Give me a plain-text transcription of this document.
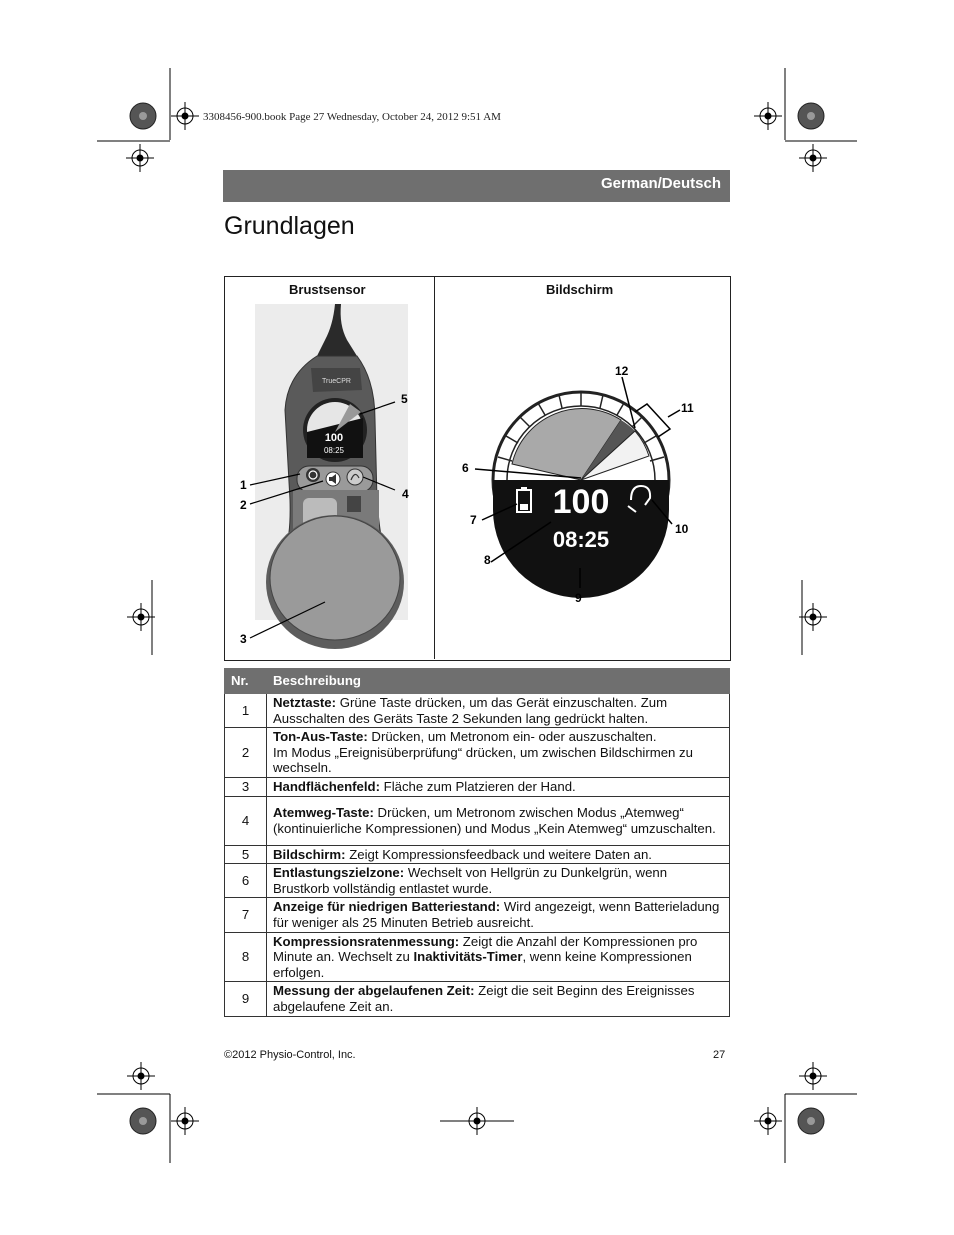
3308456-900.book Page 27 Wednesday, October 24, 2012 9:51 AM
German/Deutsch
Grundlagen
Brustsensor	Bildschirm
TrueCPR
100
08:25
1
2
3
4
5
100
08:25
6
7
8
9
10
11
12
Nr.	Beschreibung
1	Netztaste: Grüne Taste drücken, um das Gerät einzuschalten. Zum Ausschalten des Geräts Taste 2 Sekunden lang gedrückt halten.
2	Ton-Aus-Taste: Drücken, um Metronom ein- oder auszuschalten.
Im Modus „Ereignisüberprüfung“ drücken, um zwischen Bildschirmen zu wechseln.
3	Handflächenfeld: Fläche zum Platzieren der Hand.
4	Atemweg-Taste: Drücken, um Metronom zwischen Modus „Atemweg“ (kontinuierliche Kompressionen) und Modus „Kein Atemweg“ umzuschalten.
5	Bildschirm: Zeigt Kompressionsfeedback und weitere Daten an.
6	Entlastungszielzone: Wechselt von Hellgrün zu Dunkelgrün, wenn Brustkorb vollständig entlastet wurde.
7	Anzeige für niedrigen Batteriestand: Wird angezeigt, wenn Batterieladung für weniger als 25 Minuten Betrieb ausreicht.
8	Kompressionsratenmessung: Zeigt die Anzahl der Kompressionen pro Minute an. Wechselt zu Inaktivitäts-Timer, wenn keine Kompressionen erfolgen.
9	Messung der abgelaufenen Zeit: Zeigt die seit Beginn des Ereignisses abgelaufene Zeit an.
©2012 Physio-Control, Inc.	27
